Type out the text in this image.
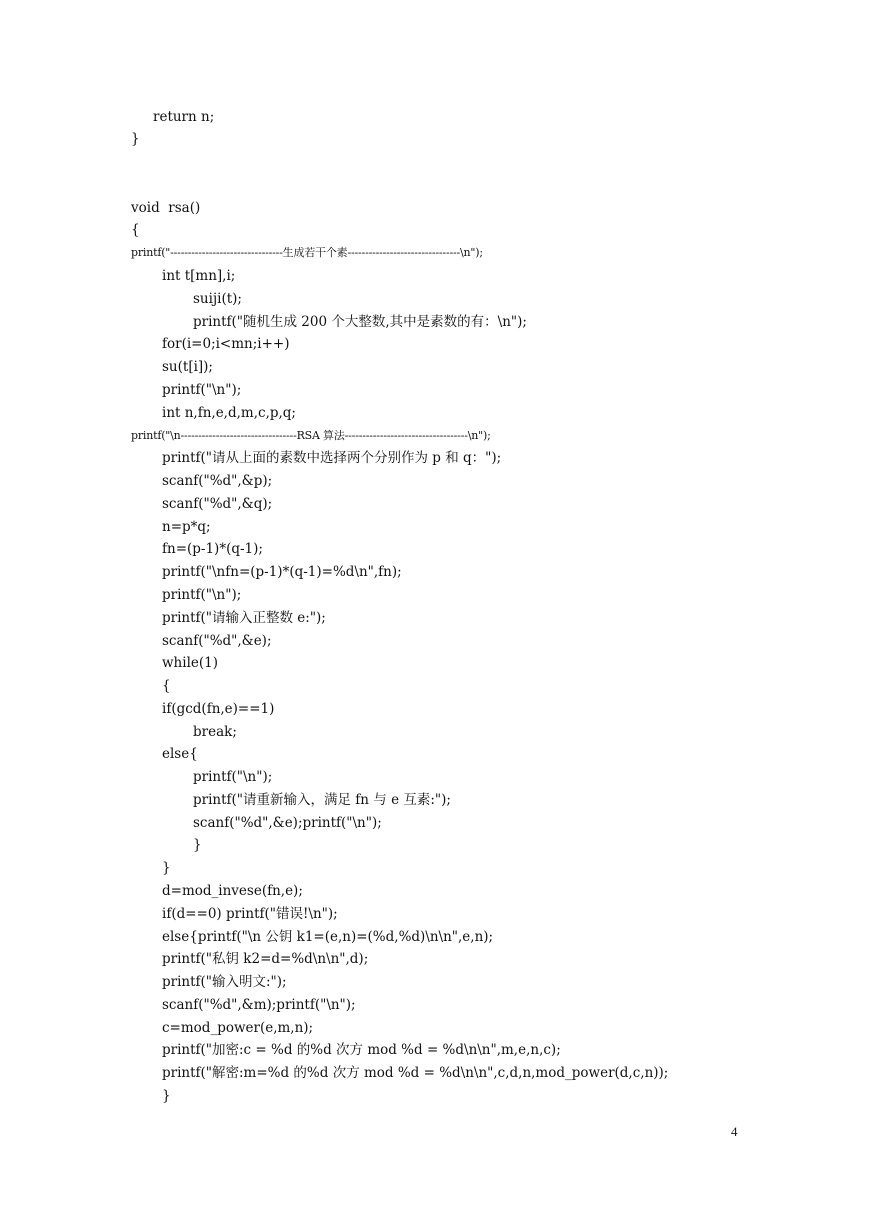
return n;
}
void  rsa()
{
printf("--------------------------------生成若干个素--------------------------------\n");
int t[mn],i;
suiji(t);
printf("随机生成 200 个大整数,其中是素数的有：\n");
for(i=0;i<mn;i++)
su(t[i]);
printf("\n");
int n,fn,e,d,m,c,p,q;
printf("\n---------------------------------RSA 算法-----------------------------------\n");
printf("请从上面的素数中选择两个分别作为 p 和 q：");
scanf("%d",&p);
scanf("%d",&q);
n=p*q;
fn=(p-1)*(q-1);
printf("\nfn=(p-1)*(q-1)=%d\n",fn);
printf("\n");
printf("请输入正整数 e:");
scanf("%d",&e);
while(1)
{
if(gcd(fn,e)==1)
break;
else{
printf("\n");
printf("请重新输入，满足 fn 与 e 互素:");
scanf("%d",&e);printf("\n");
}
}
d=mod_invese(fn,e);
if(d==0) printf("错误!\n");
else{printf("\n 公钥 k1=(e,n)=(%d,%d)\n\n",e,n);
printf("私钥 k2=d=%d\n\n",d);
printf("输入明文:");
scanf("%d",&m);printf("\n");
c=mod_power(e,m,n);
printf("加密:c = %d 的%d 次方 mod %d = %d\n\n",m,e,n,c);
printf("解密:m=%d 的%d 次方 mod %d = %d\n\n",c,d,n,mod_power(d,c,n));
}
4
